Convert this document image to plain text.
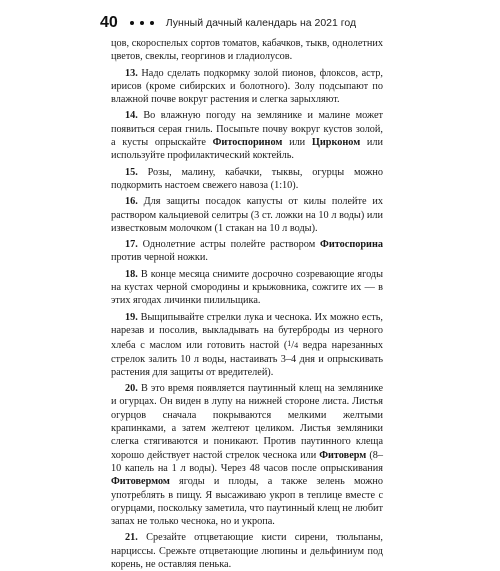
40	Лунный дачный календарь на 2021 год

цов, скороспелых сортов томатов, кабачков, тыкв, однолетних цветов, свеклы, георгинов и гладиолусов.

13. Надо сделать подкормку золой пионов, флоксов, астр, ирисов (кроме сибирских и болотного). Золу подсыпают по влажной почве вокруг растения и слегка зарыхляют.

14. Во влажную погоду на землянике и малине может появиться серая гниль. Посыпьте почву вокруг кустов золой, а кусты опрыскайте Фитоспорином или Цирконом или используйте профилактический коктейль.

15. Розы, малину, кабачки, тыквы, огурцы можно подкормить настоем свежего навоза (1:10).

16. Для защиты посадок капусты от килы полейте их раствором кальциевой селитры (3 ст. ложки на 10 л воды) или известковым молочком (1 стакан на 10 л воды).

17. Однолетние астры полейте раствором Фитоспорина против черной ножки.

18. В конце месяца снимите досрочно созревающие ягоды на кустах черной смородины и крыжовника, сожгите их — в этих ягодах личинки пилильщика.

19. Выщипывайте стрелки лука и чеснока. Их можно есть, нарезав и посолив, выкладывать на бутерброды из черного хлеба с маслом или готовить настой (1/4 ведра нарезанных стрелок залить 10 л воды, настаивать 3–4 дня и опрыскивать растения для защиты от вредителей).

20. В это время появляется паутинный клещ на землянике и огурцах. Он виден в лупу на нижней стороне листа. Листья огурцов сначала покрываются мелкими желтыми крапинками, а затем желтеют целиком. Листья земляники слегка стягиваются и поникают. Против паутинного клеща хорошо действует настой стрелок чеснока или Фитоверм (8–10 капель на 1 л воды). Через 48 часов после опрыскивания Фитовермом ягоды и плоды, а также зелень можно употреблять в пищу. Я высаживаю укроп в теплице вместе с огурцами, поскольку заметила, что паутинный клещ не любит запах не только чеснока, но и укропа.

21. Срезайте отцветающие кисти сирени, тюльпаны, нарциссы. Срежьте отцветающие люпины и дельфиниум под корень, не оставляя пенька.
